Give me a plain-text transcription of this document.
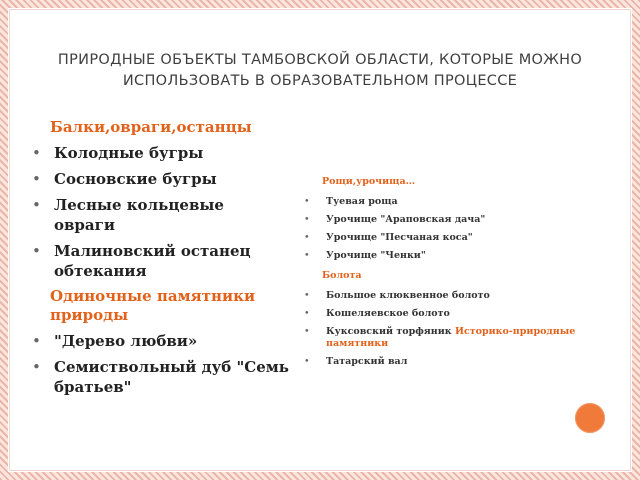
ПРИРОДНЫЕ ОБЪЕКТЫ ТАМБОВСКОЙ ОБЛАСТИ, КОТОРЫЕ МОЖНО ИСПОЛЬЗОВАТЬ В ОБРАЗОВАТЕЛЬНОМ ПРОЦЕССЕ
Балки,овраги,останцы
• Колодные бугры
• Сосновские бугры
• Лесные кольцевые овраги
• Малиновский останец обтекания
Одиночные памятники природы
• "Дерево любви»
• Семиствольный дуб "Семь братьев"
Рощи,урочища…
• Туевая роща
• Урочище "Араповская дача"
• Урочище "Песчаная коса"
• Урочище "Ченки"
Болота
• Большое клюквенное болото
• Кошеляевское болото
• Куксовский торфяник Историко-природные памятники
• Татарский вал
